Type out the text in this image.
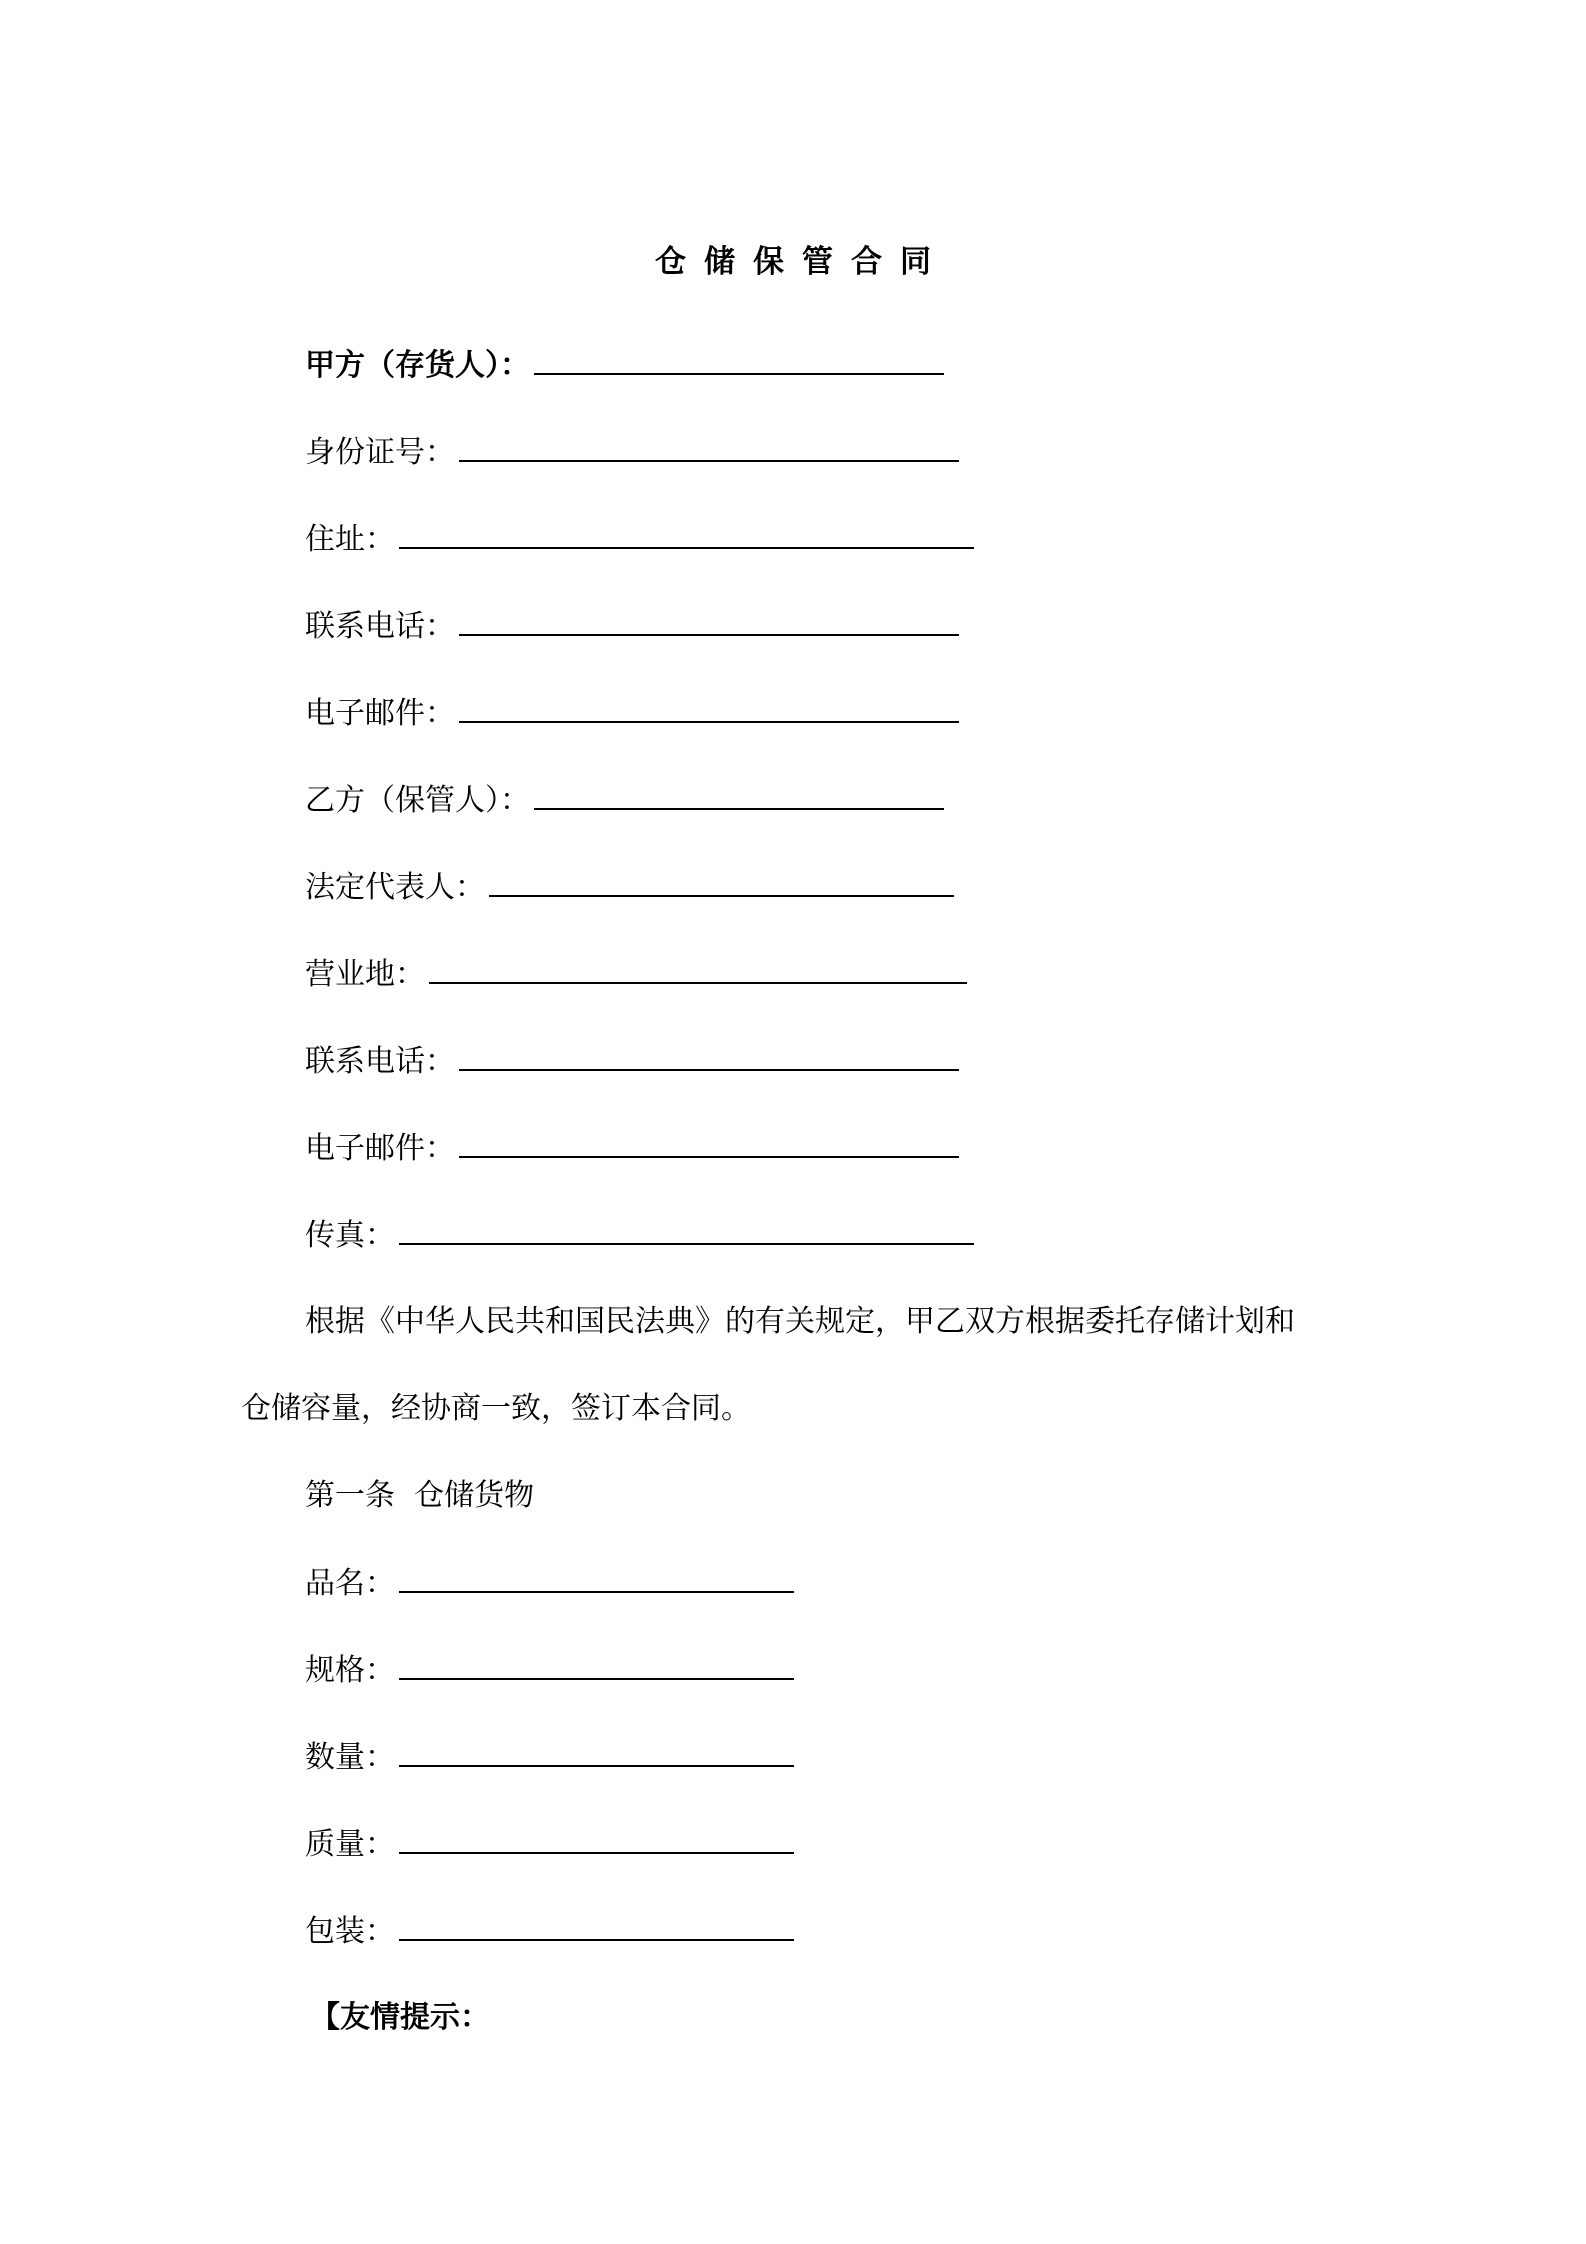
仓储保管合同
甲方（存货人）：
身份证号：
住址：
联系电话：
电子邮件：
乙方（保管人）：
法定代表人：
营业地：
联系电话：
电子邮件：
传真：
根据《中华人民共和国民法典》的有关规定，甲乙双方根据委托存储计划和
仓储容量，经协商一致，签订本合同。
第一条  仓储货物
品名：
规格：
数量：
质量：
包装：
【友情提示：
